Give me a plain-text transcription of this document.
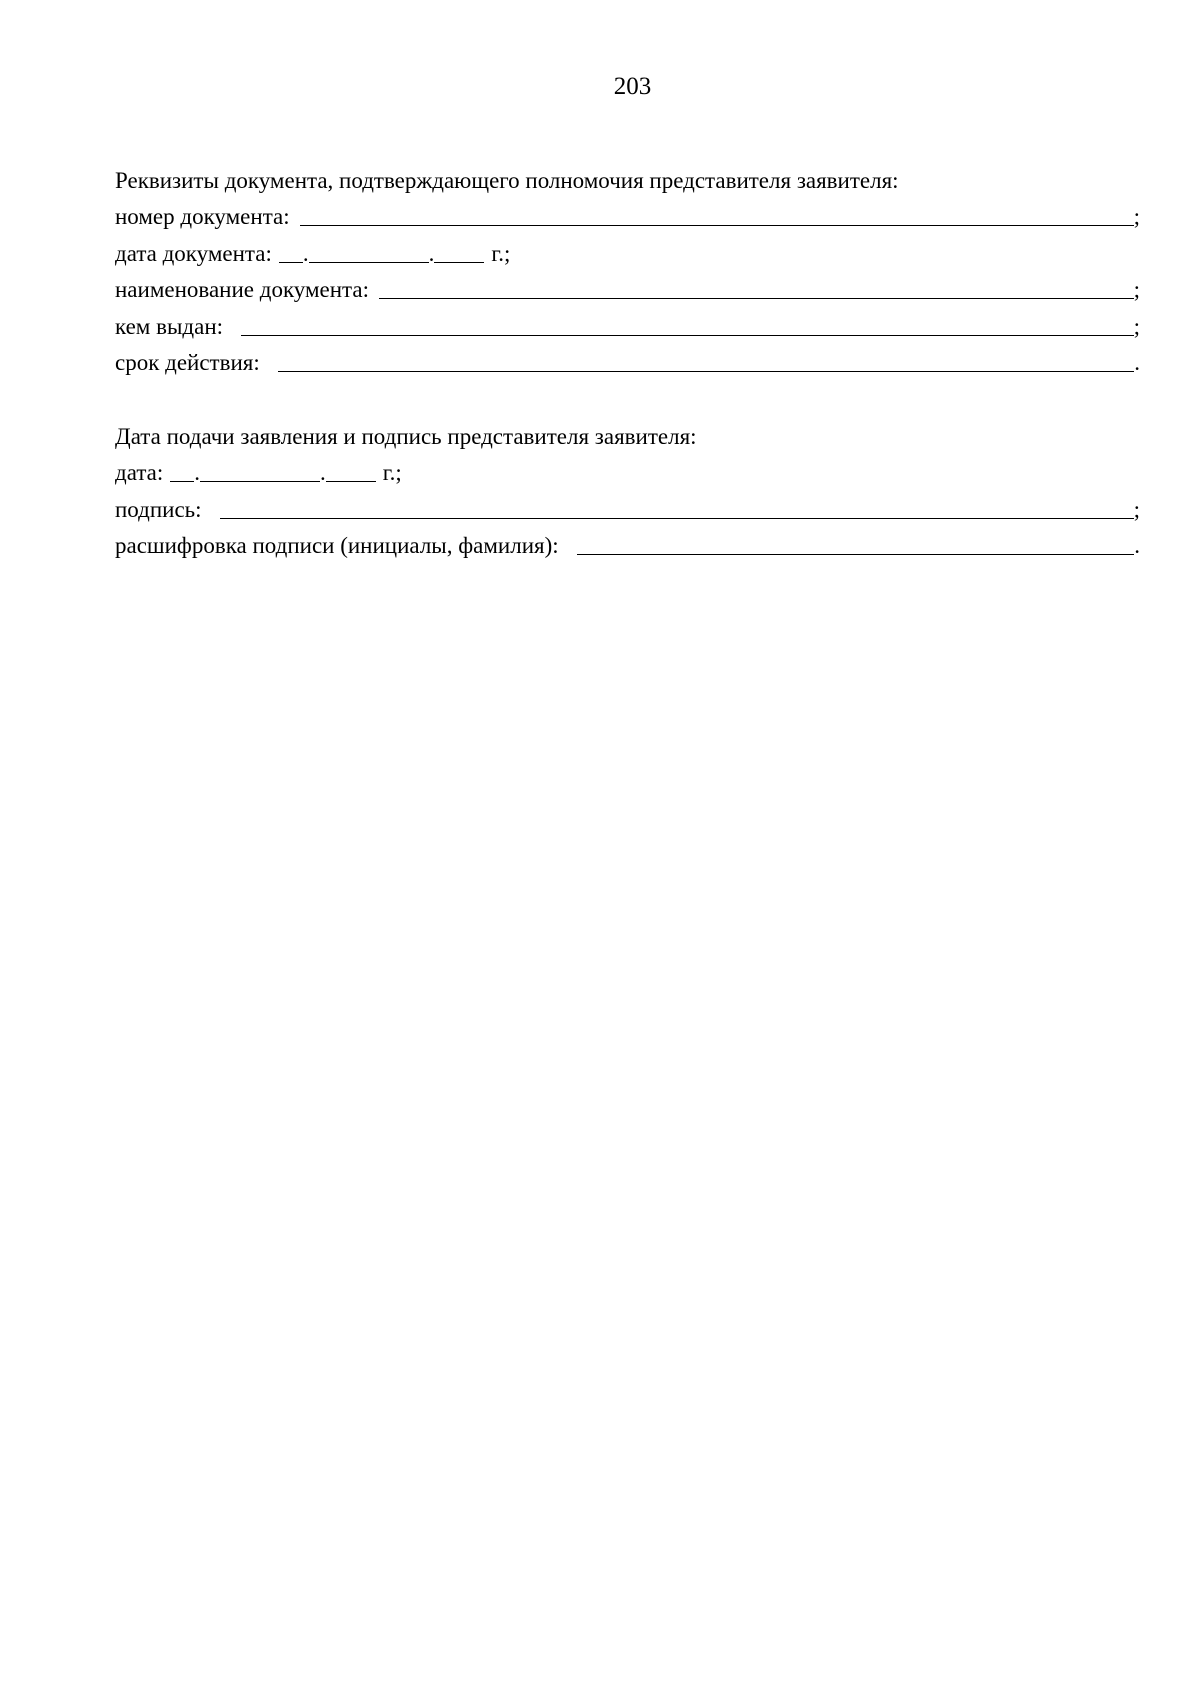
203
Реквизиты документа, подтверждающего полномочия представителя заявителя:
номер документа:	;
дата документа: .	. г.;
наименование документа:	;
кем выдан:	;
срок действия:	.
Дата подачи заявления и подпись представителя заявителя:
дата: .	. г.;
подпись:	;
расшифровка подписи (инициалы, фамилия):	.
